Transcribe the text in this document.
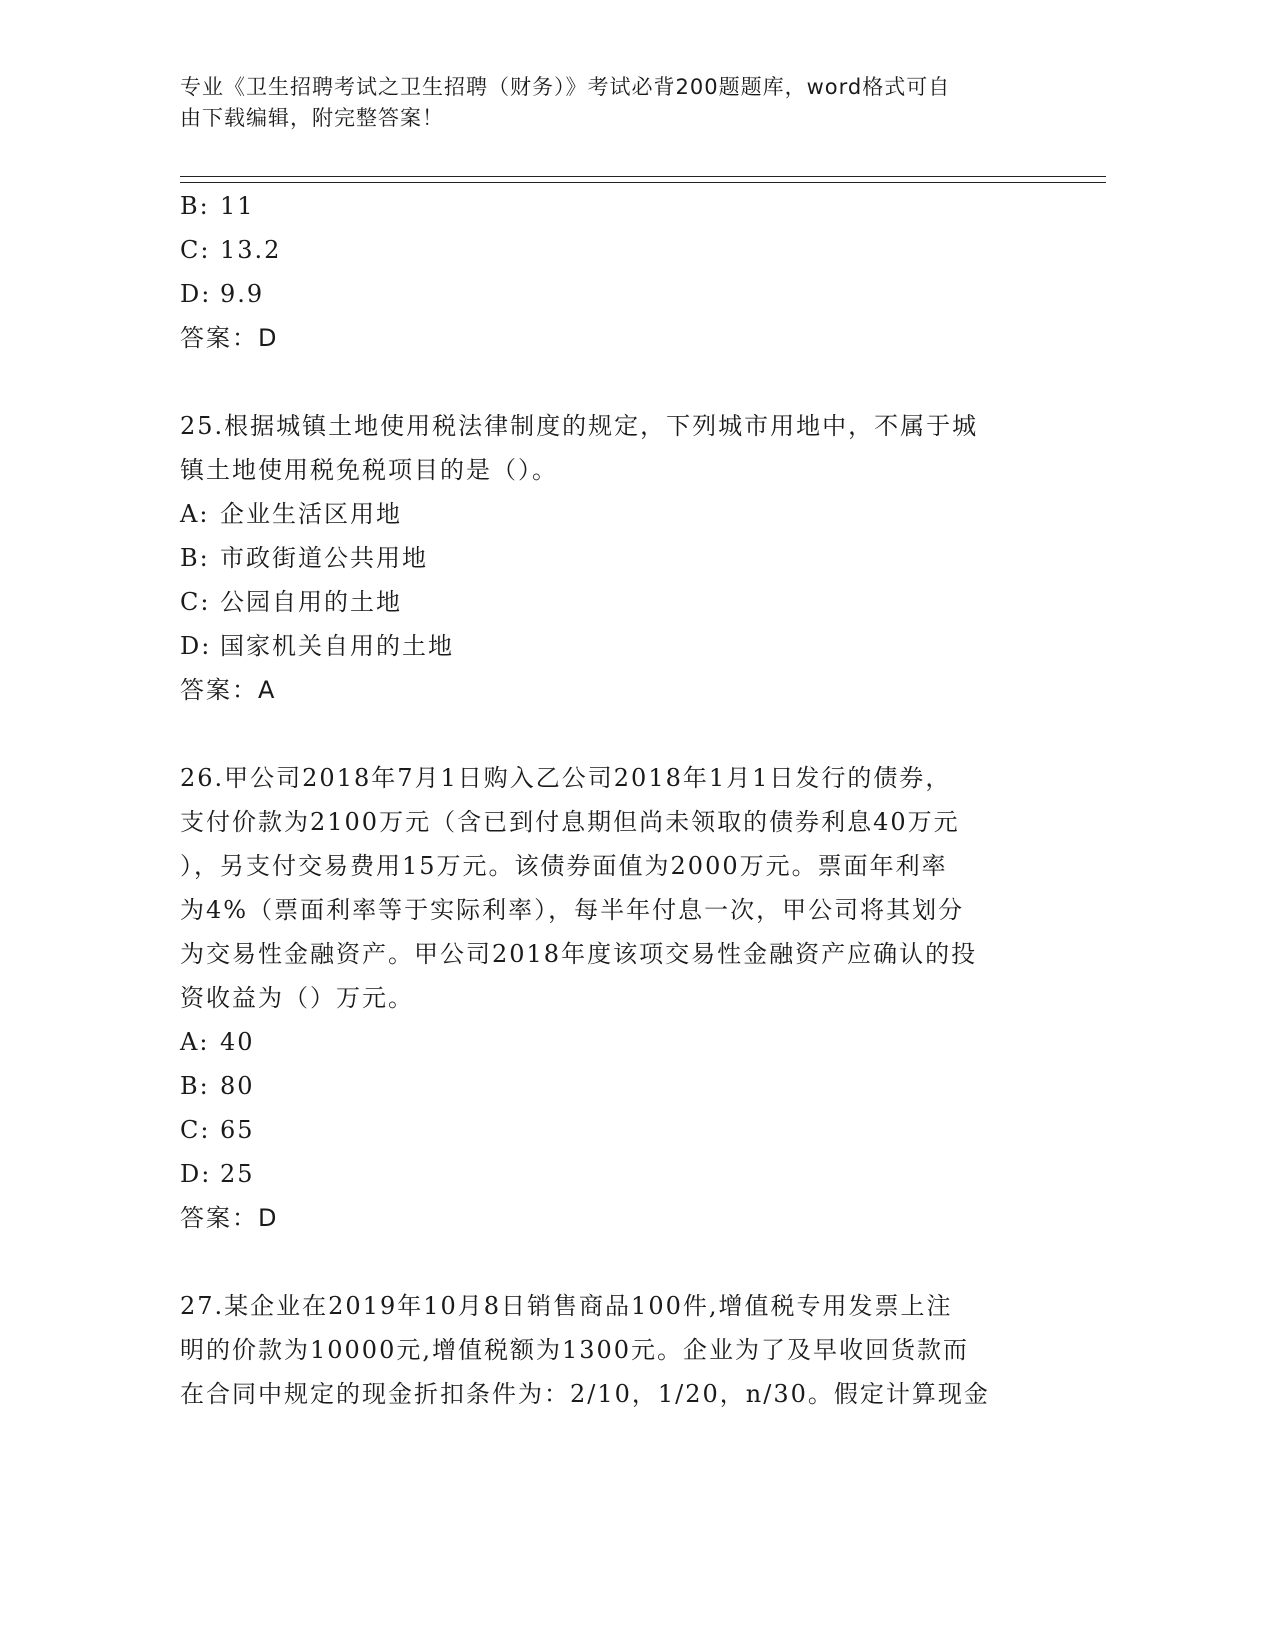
专业《卫生招聘考试之卫生招聘（财务）》考试必背200题题库，word格式可自
由下载编辑，附完整答案！
B: 11
C: 13.2
D: 9.9
答案：D
25.根据城镇土地使用税法律制度的规定，下列城市用地中，不属于城
镇土地使用税免税项目的是（）。
A: 企业生活区用地
B: 市政街道公共用地
C: 公园自用的土地
D: 国家机关自用的土地
答案：A
26.甲公司2018年7月1日购入乙公司2018年1月1日发行的债券，
支付价款为2100万元（含已到付息期但尚未领取的债券利息40万元
），另支付交易费用15万元。该债券面值为2000万元。票面年利率
为4%（票面利率等于实际利率），每半年付息一次，甲公司将其划分
为交易性金融资产。甲公司2018年度该项交易性金融资产应确认的投
资收益为（）万元。
A: 40
B: 80
C: 65
D: 25
答案：D
27.某企业在2019年10月8日销售商品100件,增值税专用发票上注
明的价款为10000元,增值税额为1300元。企业为了及早收回货款而
在合同中规定的现金折扣条件为：2/10，1/20，n/30。假定计算现金
